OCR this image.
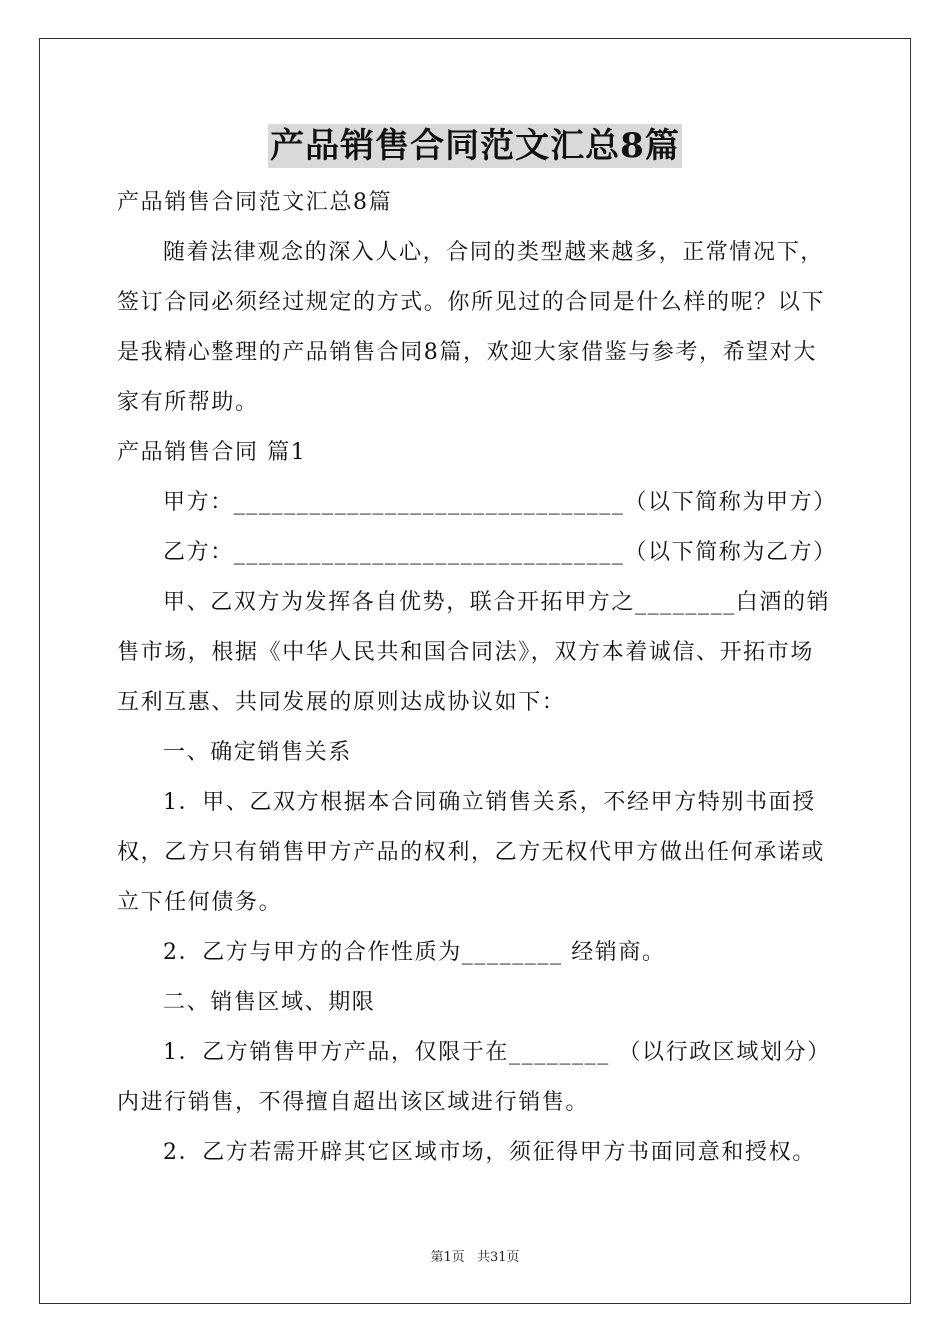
产品销售合同范文汇总8篇

产品销售合同范文汇总8篇

随着法律观念的深入人心，合同的类型越来越多，正常情况下，签订合同必须经过规定的方式。你所见过的合同是什么样的呢？以下是我精心整理的产品销售合同8篇，欢迎大家借鉴与参考，希望对大家有所帮助。

产品销售合同 篇1

甲方：_______________________________（以下简称为甲方）

乙方：_______________________________（以下简称为乙方）

甲、乙双方为发挥各自优势，联合开拓甲方之________白酒的销售市场，根据《中华人民共和国合同法》，双方本着诚信、开拓市场互利互惠、共同发展的原则达成协议如下：

一、确定销售关系

1．甲、乙双方根据本合同确立销售关系，不经甲方特别书面授权，乙方只有销售甲方产品的权利，乙方无权代甲方做出任何承诺或立下任何债务。

2．乙方与甲方的合作性质为________ 经销商。

二、销售区域、期限

1．乙方销售甲方产品，仅限于在________ （以行政区域划分）内进行销售，不得擅自超出该区域进行销售。

2．乙方若需开辟其它区域市场，须征得甲方书面同意和授权。

第1页 共31页
